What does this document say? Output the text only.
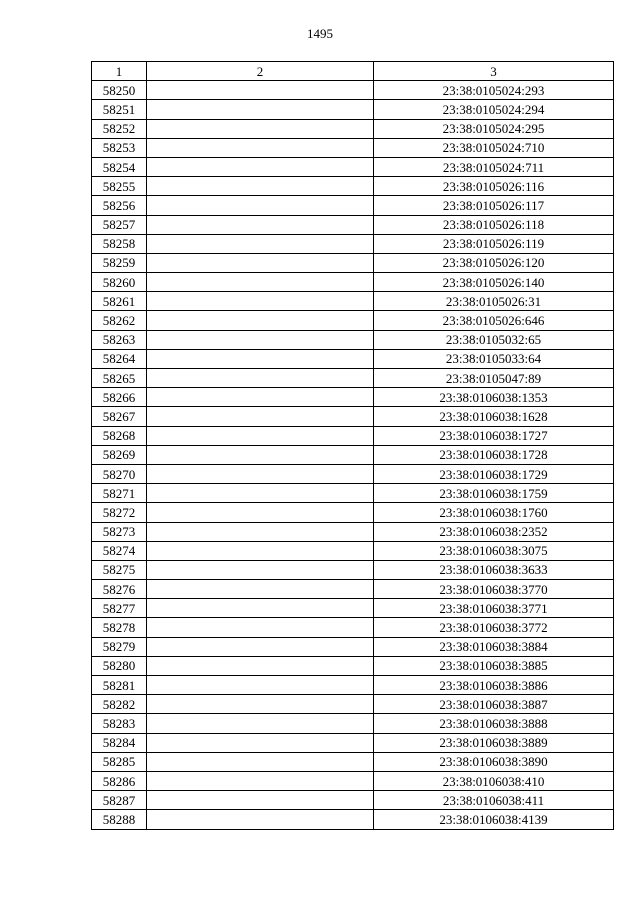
1495
1	2	3
58250		23:38:0105024:293
58251		23:38:0105024:294
58252		23:38:0105024:295
58253		23:38:0105024:710
58254		23:38:0105024:711
58255		23:38:0105026:116
58256		23:38:0105026:117
58257		23:38:0105026:118
58258		23:38:0105026:119
58259		23:38:0105026:120
58260		23:38:0105026:140
58261		23:38:0105026:31
58262		23:38:0105026:646
58263		23:38:0105032:65
58264		23:38:0105033:64
58265		23:38:0105047:89
58266		23:38:0106038:1353
58267		23:38:0106038:1628
58268		23:38:0106038:1727
58269		23:38:0106038:1728
58270		23:38:0106038:1729
58271		23:38:0106038:1759
58272		23:38:0106038:1760
58273		23:38:0106038:2352
58274		23:38:0106038:3075
58275		23:38:0106038:3633
58276		23:38:0106038:3770
58277		23:38:0106038:3771
58278		23:38:0106038:3772
58279		23:38:0106038:3884
58280		23:38:0106038:3885
58281		23:38:0106038:3886
58282		23:38:0106038:3887
58283		23:38:0106038:3888
58284		23:38:0106038:3889
58285		23:38:0106038:3890
58286		23:38:0106038:410
58287		23:38:0106038:411
58288		23:38:0106038:4139
